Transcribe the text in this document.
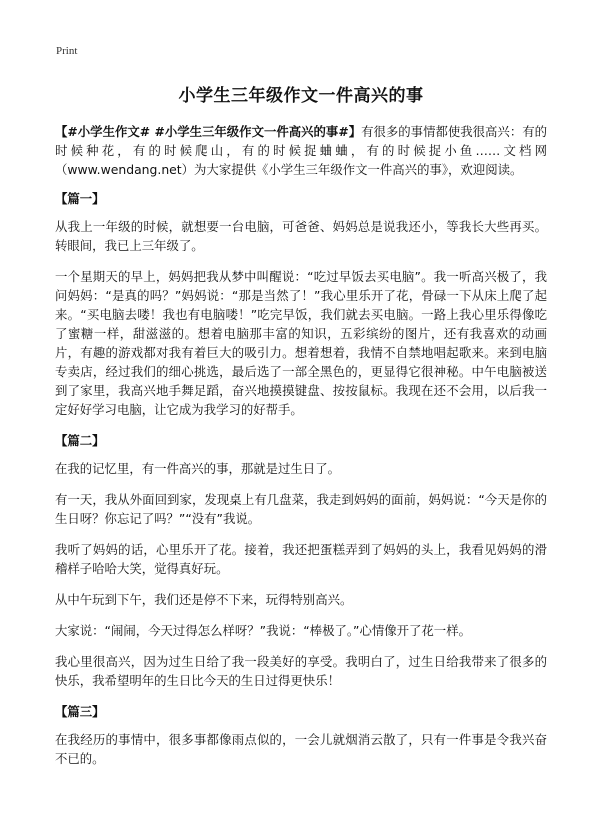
Print
小学生三年级作文一件高兴的事

【#小学生作文# #小学生三年级作文一件高兴的事#】有很多的事情都使我很高兴：有的时候种花，有的时候爬山，有的时候捉蛐蛐，有的时候捉小鱼……文档网（www.wendang.net）为大家提供《小学生三年级作文一件高兴的事》，欢迎阅读。

【篇一】

从我上一年级的时候，就想要一台电脑，可爸爸、妈妈总是说我还小，等我长大些再买。转眼间，我已上三年级了。

一个星期天的早上，妈妈把我从梦中叫醒说：“吃过早饭去买电脑”。我一听高兴极了，我问妈妈：“是真的吗？”妈妈说：“那是当然了！”我心里乐开了花，骨碌一下从床上爬了起来。“买电脑去喽！我也有电脑喽！”吃完早饭，我们就去买电脑。一路上我心里乐得像吃了蜜糖一样，甜滋滋的。想着电脑那丰富的知识，五彩缤纷的图片，还有我喜欢的动画片，有趣的游戏都对我有着巨大的吸引力。想着想着，我情不自禁地唱起歌来。来到电脑专卖店，经过我们的细心挑选，最后选了一部全黑色的，更显得它很神秘。中午电脑被送到了家里，我高兴地手舞足蹈，奋兴地摸摸键盘、按按鼠标。我现在还不会用，以后我一定好好学习电脑，让它成为我学习的好帮手。

【篇二】

在我的记忆里，有一件高兴的事，那就是过生日了。

有一天，我从外面回到家，发现桌上有几盘菜，我走到妈妈的面前，妈妈说：“今天是你的生日呀？你忘记了吗？”“没有”我说。

我听了妈妈的话，心里乐开了花。接着，我还把蛋糕弄到了妈妈的头上，我看见妈妈的滑稽样子哈哈大笑，觉得真好玩。

从中午玩到下午，我们还是停不下来，玩得特别高兴。

大家说：“闹闹，今天过得怎么样呀？”我说：“棒极了。”心情像开了花一样。

我心里很高兴，因为过生日给了我一段美好的享受。我明白了，过生日给我带来了很多的快乐，我希望明年的生日比今天的生日过得更快乐！

【篇三】

在我经历的事情中，很多事都像雨点似的，一会儿就烟消云散了，只有一件事是令我兴奋不已的。
